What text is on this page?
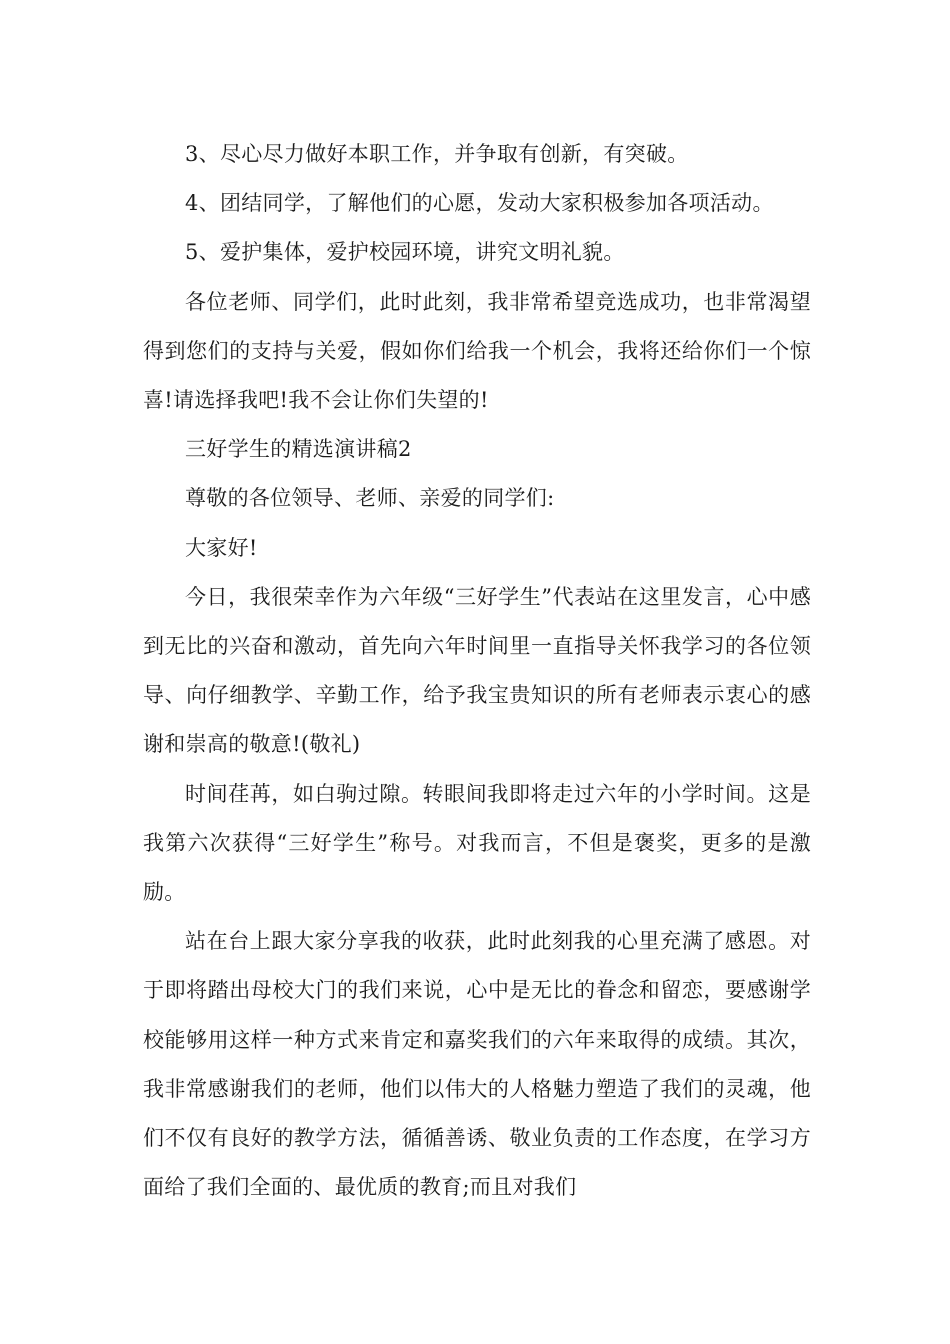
3、尽心尽力做好本职工作，并争取有创新，有突破。

4、团结同学，了解他们的心愿，发动大家积极参加各项活动。

5、爱护集体，爱护校园环境，讲究文明礼貌。

各位老师、同学们，此时此刻，我非常希望竞选成功，也非常渴望得到您们的支持与关爱，假如你们给我一个机会，我将还给你们一个惊喜!请选择我吧!我不会让你们失望的!

三好学生的精选演讲稿2

尊敬的各位领导、老师、亲爱的同学们:

大家好!

今日，我很荣幸作为六年级“三好学生”代表站在这里发言，心中感到无比的兴奋和激动，首先向六年时间里一直指导关怀我学习的各位领导、向仔细教学、辛勤工作，给予我宝贵知识的所有老师表示衷心的感谢和崇高的敬意!(敬礼)

时间荏苒，如白驹过隙。转眼间我即将走过六年的小学时间。这是我第六次获得“三好学生”称号。对我而言，不但是褒奖，更多的是激励。

站在台上跟大家分享我的收获，此时此刻我的心里充满了感恩。对于即将踏出母校大门的我们来说，心中是无比的眷念和留恋，要感谢学校能够用这样一种方式来肯定和嘉奖我们的六年来取得的成绩。其次，我非常感谢我们的老师，他们以伟大的人格魅力塑造了我们的灵魂，他们不仅有良好的教学方法，循循善诱、敬业负责的工作态度，在学习方面给了我们全面的、最优质的教育;而且对我们
